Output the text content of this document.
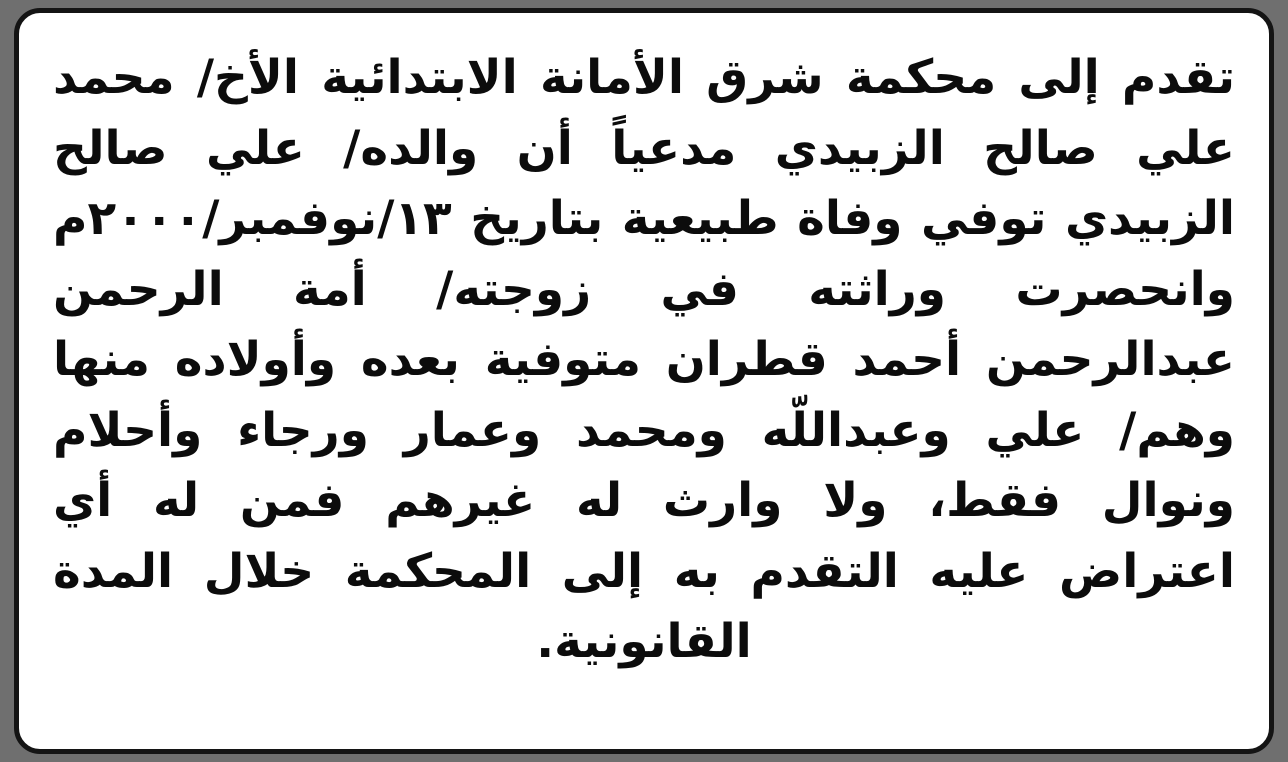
تقدم إلى محكمة شرق الأمانة الابتدائية الأخ/ محمد علي صالح الزبيدي مدعياً أن والده/ علي صالح الزبيدي توفي وفاة طبيعية بتاريخ ١٣/نوفمبر/٢٠٠٠م وانحصرت وراثته في زوجته/ أمة الرحمن عبدالرحمن أحمد قطران متوفية بعده وأولاده منها وهم/ علي وعبداللّه ومحمد وعمار ورجاء وأحلام ونوال فقط، ولا وارث له غيرهم فمن له أي اعتراض عليه التقدم به إلى المحكمة خلال المدة القانونية.
